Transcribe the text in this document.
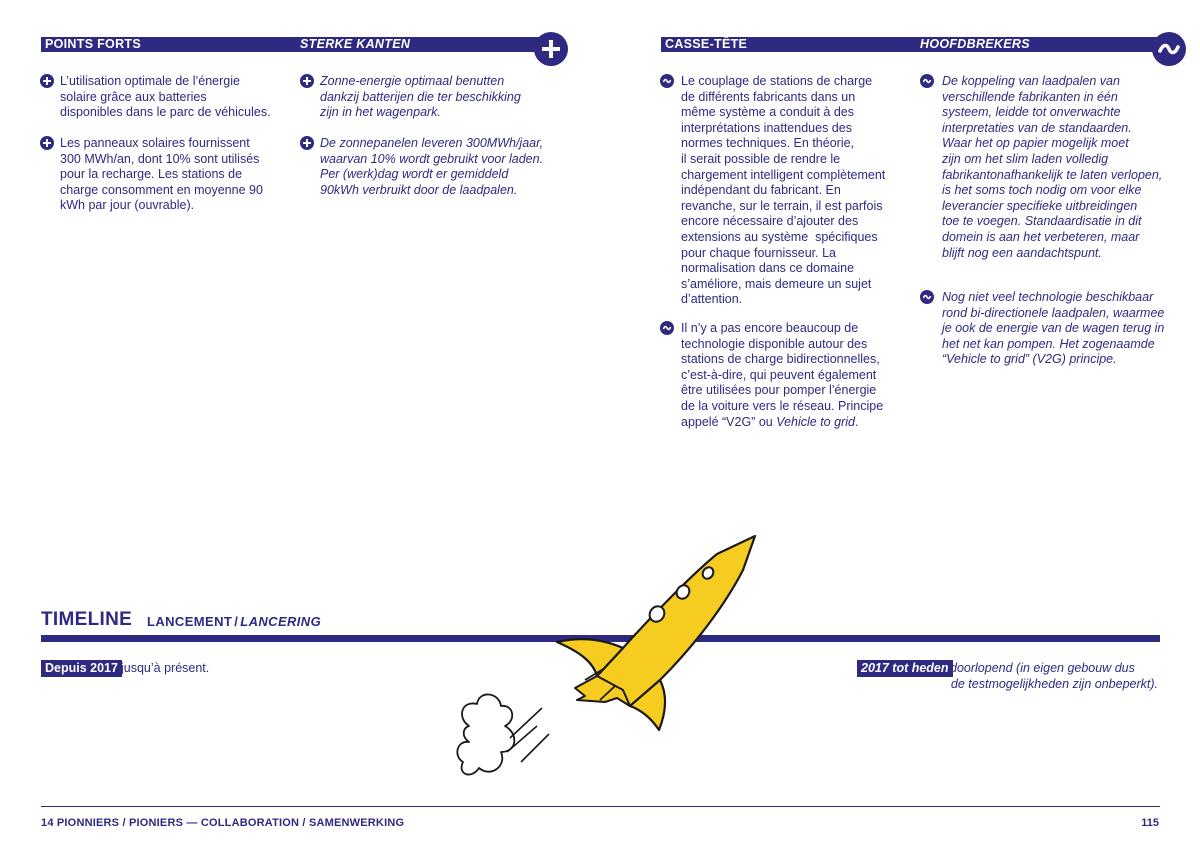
POINTS FORTS	STERKE KANTEN
L’utilisation optimale de l’énergie
solaire grâce aux batteries
disponibles dans le parc de véhicules.
Les panneaux solaires fournissent
300 MWh/an, dont 10% sont utilisés
pour la recharge. Les stations de
charge consomment en moyenne 90
kWh par jour (ouvrable).
Zonne-energie optimaal benutten
dankzij batterijen die ter beschikking
zijn in het wagenpark.
De zonnepanelen leveren 300MWh/jaar,
waarvan 10% wordt gebruikt voor laden.
Per (werk)dag wordt er gemiddeld
90kWh verbruikt door de laadpalen.
CASSE-TÊTE	HOOFDBREKERS
Le couplage de stations de charge
de différents fabricants dans un
même système a conduit à des
interprétations inattendues des
normes techniques. En théorie,
il serait possible de rendre le
chargement intelligent complètement
indépendant du fabricant. En
revanche, sur le terrain, il est parfois
encore nécessaire d’ajouter des
extensions au système  spécifiques
pour chaque fournisseur. La
normalisation dans ce domaine
s’améliore, mais demeure un sujet
d’attention.
Il n’y a pas encore beaucoup de
technologie disponible autour des
stations de charge bidirectionnelles,
c’est-à-dire, qui peuvent également
être utilisées pour pomper l’énergie
de la voiture vers le réseau. Principe
appelé “V2G” ou Vehicle to grid.
De koppeling van laadpalen van
verschillende fabrikanten in één
systeem, leidde tot onverwachte
interpretaties van de standaarden.
Waar het op papier mogelijk moet
zijn om het slim laden volledig
fabrikantonafhankelijk te laten verlopen,
is het soms toch nodig om voor elke
leverancier specifieke uitbreidingen
toe te voegen. Standaardisatie in dit
domein is aan het verbeteren, maar
blijft nog een aandachtspunt.
Nog niet veel technologie beschikbaar
rond bi-directionele laadpalen, waarmee
je ook de energie van de wagen terug in
het net kan pompen. Het zogenaamde
“Vehicle to grid” (V2G) principe.
TIMELINE LANCEMENT / LANCERING
Depuis 2017 jusqu’à présent.	2017 tot heden doorlopend (in eigen gebouw dus
de testmogelijkheden zijn onbeperkt).
14 PIONNIERS / PIONIERS — COLLABORATION / SAMENWERKING	115
